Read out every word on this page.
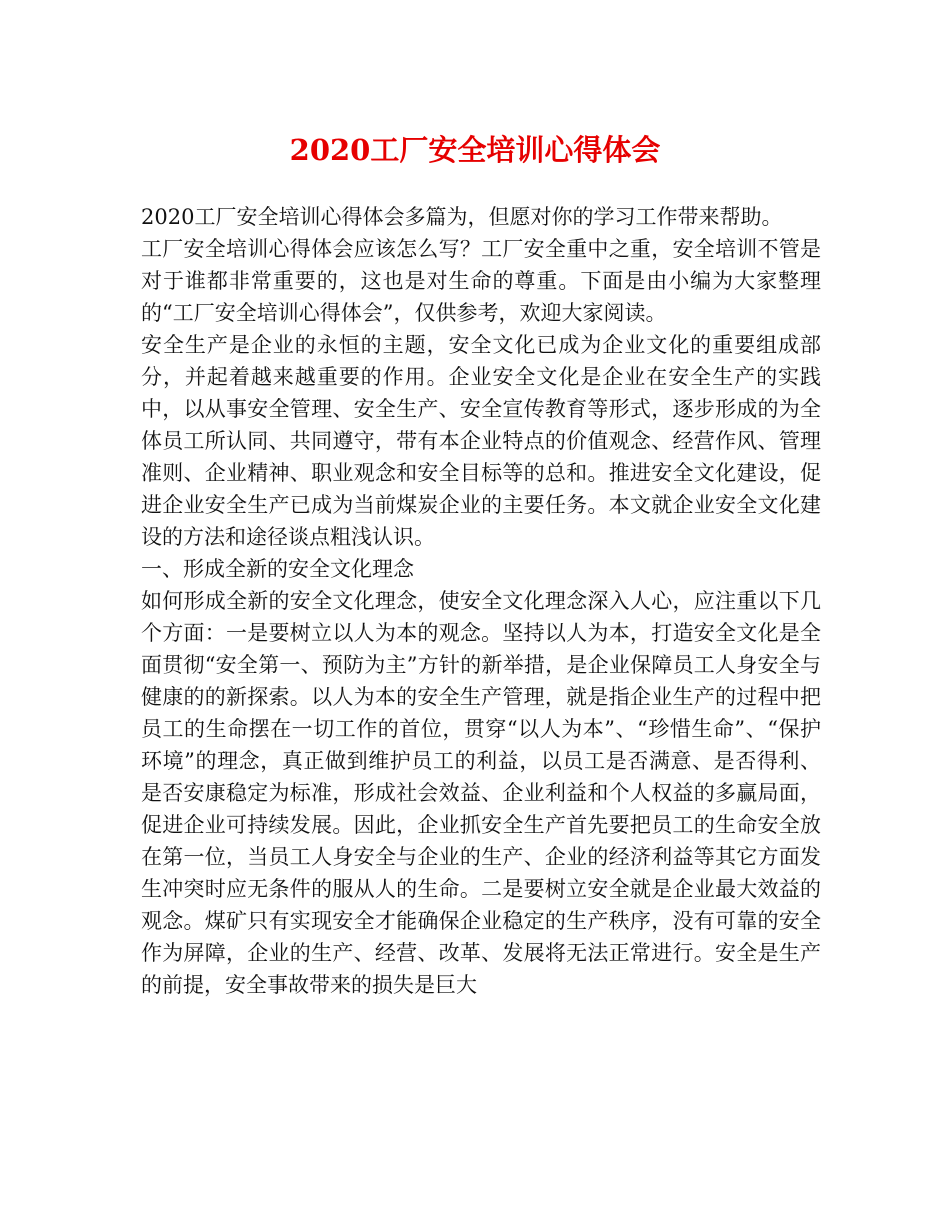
2020工厂安全培训心得体会

2020工厂安全培训心得体会多篇为，但愿对你的学习工作带来帮助。

工厂安全培训心得体会应该怎么写？工厂安全重中之重，安全培训不管是对于谁都非常重要的，这也是对生命的尊重。下面是由小编为大家整理的“工厂安全培训心得体会”，仅供参考，欢迎大家阅读。

安全生产是企业的永恒的主题，安全文化已成为企业文化的重要组成部分，并起着越来越重要的作用。企业安全文化是企业在安全生产的实践中，以从事安全管理、安全生产、安全宣传教育等形式，逐步形成的为全体员工所认同、共同遵守，带有本企业特点的价值观念、经营作风、管理准则、企业精神、职业观念和安全目标等的总和。推进安全文化建设，促进企业安全生产已成为当前煤炭企业的主要任务。本文就企业安全文化建设的方法和途径谈点粗浅认识。

一、形成全新的安全文化理念

如何形成全新的安全文化理念，使安全文化理念深入人心，应注重以下几个方面：一是要树立以人为本的观念。坚持以人为本，打造安全文化是全面贯彻“安全第一、预防为主”方针的新举措，是企业保障员工人身安全与健康的的新探索。以人为本的安全生产管理，就是指企业生产的过程中把员工的生命摆在一切工作的首位，贯穿“以人为本”、“珍惜生命”、“保护环境”的理念，真正做到维护员工的利益，以员工是否满意、是否得利、是否安康稳定为标准，形成社会效益、企业利益和个人权益的多赢局面，促进企业可持续发展。因此，企业抓安全生产首先要把员工的生命安全放在第一位，当员工人身安全与企业的生产、企业的经济利益等其它方面发生冲突时应无条件的服从人的生命。二是要树立安全就是企业最大效益的观念。煤矿只有实现安全才能确保企业稳定的生产秩序，没有可靠的安全作为屏障，企业的生产、经营、改革、发展将无法正常进行。安全是生产的前提，安全事故带来的损失是巨大
